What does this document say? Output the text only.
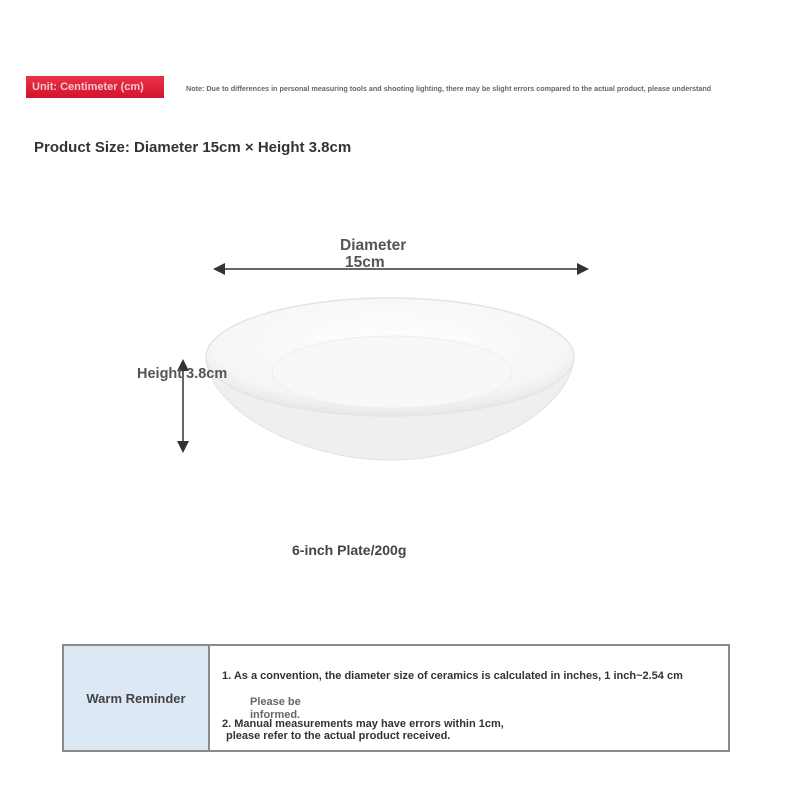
Unit: Centimeter (cm)	Note: Due to differences in personal measuring tools and shooting lighting, there may be slight errors compared to the actual product, please understand
Product Size: Diameter 15cm × Height 3.8cm
Diameter
15cm
Height 3.8cm
6-inch Plate/200g
Warm Reminder
1. As a convention, the diameter size of ceramics is calculated in inches, 1 inch~2.54 cm
Please be informed.
2. Manual measurements may have errors within 1cm,
please refer to the actual product received.
